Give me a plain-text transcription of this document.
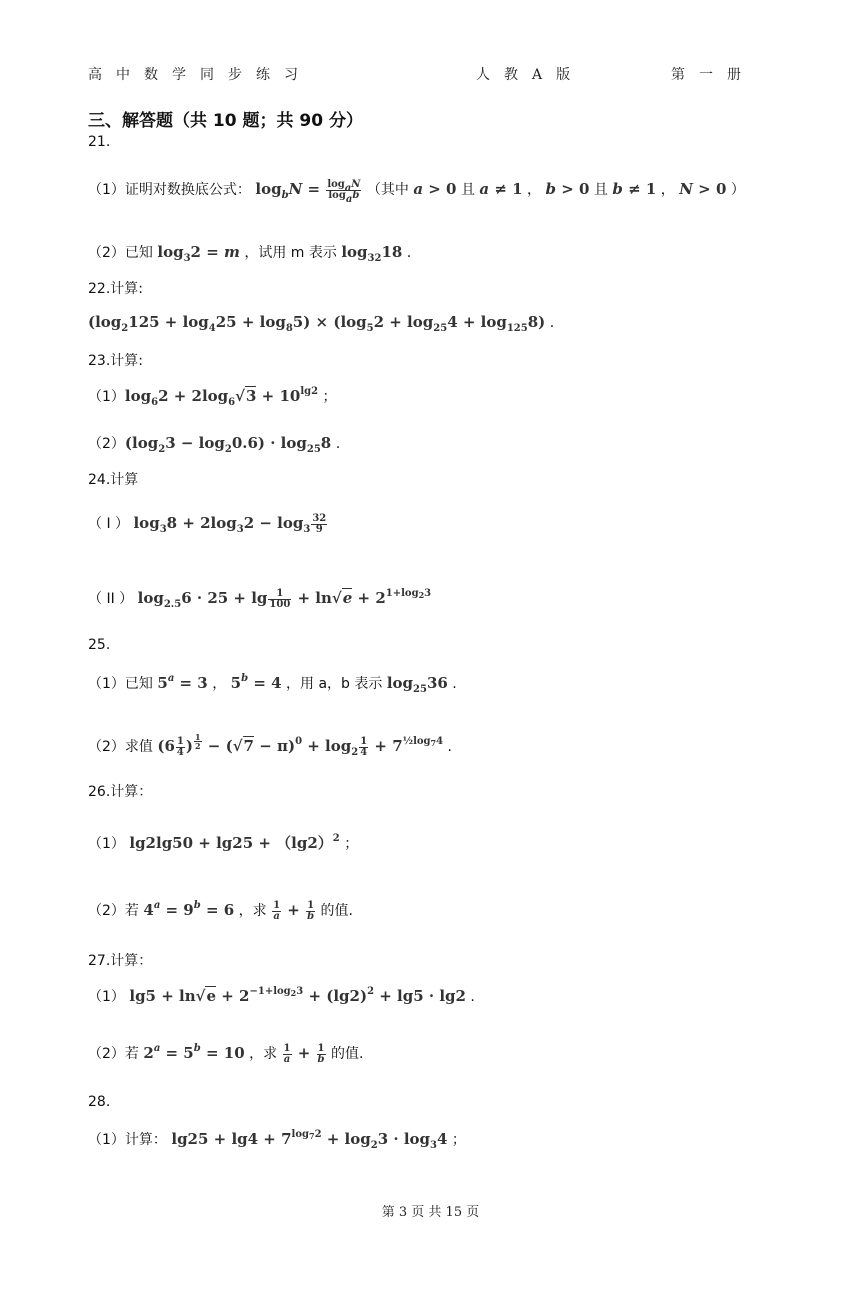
高　中　数　学　同　步　练　习	人　教　A　版	第　一　册
三、解答题（共 10 题；共 90 分）
21.
（1）证明对数换底公式： $\log_bN = \frac{\log_aN}{\log_ab}$ （其中 a > 0 且 a ≠ 1 ， b > 0 且 b ≠ 1 ， N > 0 ）
（2）已知 $\log_32 = m$ ，试用 m 表示 $\log_{32}18$ .
22.计算:
$(\log_2125 + \log_425 + \log_85) \times (\log_52 + \log_{25}4 + \log_{125}8)$ .
23.计算:
$(1)\log_62 + 2\log_6√3 + 10^{lg2}$ ；
$(2)(\log_23 - \log_20.6) \cdot \log_{25}8$ .
24.计算
（ I ） $\log_38 + 2\log_32 - \log_3 \frac{32}{9}$
（ II ） $\log_{2.5}6 \cdot 25 + \lg \frac{1}{100} + \ln√e + 2^{1+log_23}$
25.
（1）已知 $5^a = 3$ ， $5^b = 4$ ，用 a，b 表示 $\log_{25}36$ .
（2）求值 ($6 \frac{1}{4}$ ) $^{\frac{1}{2}} - (√7 - \pi)^0 + \log_2 \frac{1}{4} + 7^{\frac{1}{2}log_74}$ .
26.计算：
（1） $\lg 2\lg 50 + \lg 25 + (\lg 2)^2$ ；
（2）若 $4^a = 9^b = 6$ ，求 $\frac{1}{a} + \frac{1}{b}$ 的值.
27.计算：
（1） $\lg 5 + \ln√e + 2^{-1+log_23} + (\lg 2)^2 + \lg 5 \cdot \lg 2$ .
（2）若 $2^a = 5^b = 10$ ，求 $\frac{1}{a} + \frac{1}{b}$ 的值.
28.
（1）计算： $\lg 25 + \lg 4 + 7^{log_72} + \log_23 \cdot \log_34$ ；
第 3 页 共 15 页
